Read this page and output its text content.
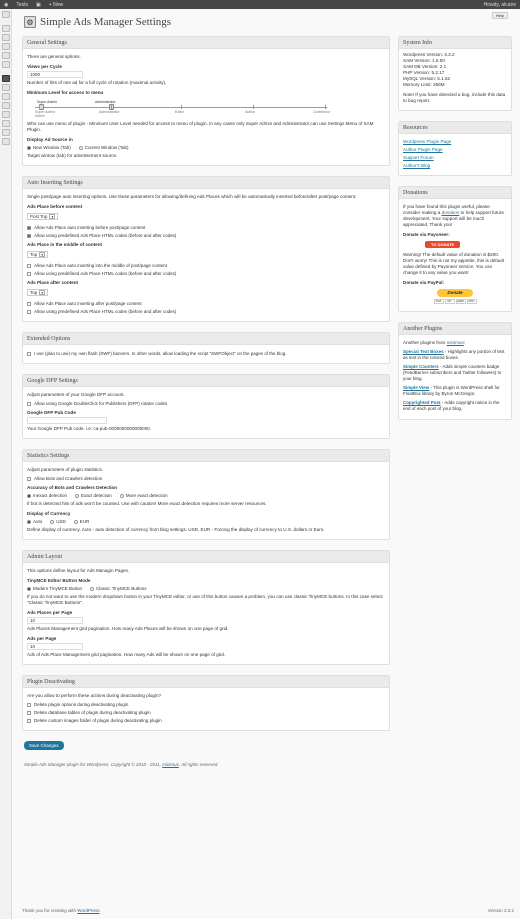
◉	Tests	▣	+ New	Howdy, alcaire
Help
⚙ Simple Ads Manager Settings
General Settings

There are general options.

Views per Cycle
1000

Number of hits of one ad for a full cycle of rotation (maximal activity).

Minimum Level for access to menu
Super Admin	Administrator
Super Admin
Admin
Administrator	Editor	Author	Contributor

Who can use menu of plugin - Minimum User Level needed for access to menu of plugin. In any cases only Super Admin and Administrator can use Settings Menu of SAM Plugin.

Display Ad Source in
New Window (Tab)	Current Window (Tab)

Target wintow (tab) for advetisement source.

Auto Inserting Settings

Single post/page auto inserting options. Use these parameters for allowing/defining Ads Places which will be automatically inserted before/after post/page content.

Ads Place before content
Post Top	▼
Allow Ads Place auto inserting before post/page content
Allow using predefined Ads Place HTML codes (before and after codes)
Ads Place in the middle of content
Top	▼
Allow Ads Place auto inserting into the middle of post/page content
Allow using predefined Ads Place HTML codes (before and after codes)
Ads Place after content
Top	▼
Allow Ads Place auto inserting after post/page content
Allow using predefined Ads Place HTML codes (before and after codes)
Extended Options
I use (plan to use) my own flash (SWF) banners. In other words, allow loading the script "SWFObject" on the pages of the blog.
Google DFP Settings

Adjust parameters of your Google DFP account.

Allow using Google DoubleClick for Publishers (DFP) rotator codes
Google DFP Pub Code

Your Google DFP Pub code. i.e: ca-pub-0000000000000000.

Statistics Settings

Adjust parameters of plugin statistics.

Allow Bots and Crawlers detection
Accuracy of Bots and Crawlers Detection
Inexact detection	Exact detection	More exact detection

If bot is detected hits of ads won't be counted. Use with caution! More exact detection requires more server resources.

Display of Currency
Auto	USD	EUR

Define display of currency. Auto - auto detection of currency from blog settings. USD, EUR - Forcing the display of currency to U.S. dollars or Euro.

Admin Layout

This options define layout for Ads Managin Pages.

TinyMCE Editor Button Mode
Modern TinyMCE Button	Classic TinyMCE Buttons

If you do not want to use the modern dropdown button in your TinyMCE editor, or use of this button causes a problem, you can use classic TinyMCE buttons. In this case select "Classic TinyMCE Buttons".

Ads Places per Page
10

Ads Places Management grid pagination. How many Ads Places will be shown on one page of grid.

Ads per Page
10

Ads of Ads Place Management grid pagination. How many Ads will be shown on one page of grid.

Plugin Deactivating

Are you allow to perform these actions during deactivating plugin?

Delete plugin options during deactivating plugin
Delete database tables of plugin during deactivating plugin
Delete custom images folder of plugin during deactivating plugin
Save Changes
Simple Ads Manager plugin for Wordpress. Copyright © 2010 - 2011, minimus. All rights reserved.
System Info

Wordpress Version: 3.3.2

SAM Version: 1.5.50

SAM DB Version: 2.1

PHP Version: 5.2.17

MySQL Version: 5.1.62

Memory Limit: 256M

Note! If you have detected a bug, include this data to bug report.

Resources

Wordpress Plugin Page

Author Plugin Page

Support Forum

Author's Blog

Donations

If you have found this plugin useful, please consider making a donation to help support future development. Your support will be much appreciated. Thank you!

Donate via Payoneer:
TO DONATE

Warning! The default value of donation is $200. Don't worry! This is not my appetite, this is default value defined by Payoneer service. You can change it to any value you want!

Donate via PayPal:
Donate
VISA	MC	AMEX	DISC
Another Plugins

Another plugins from minimus:

Special Text Boxes - Highlights any portion of text as text in the colored boxes.
Simple Counters - Adds simple counters badge (FeedBurner subscribers and Twitter followers) to your blog.
Simple View - This plugin is WordPress shell for FloatBox library by Byron McGregor.
Copyrighted Post - Adds copyright notice in the end of each post of your blog.
Thank you for creating with WordPress.	Version 3.3.2
